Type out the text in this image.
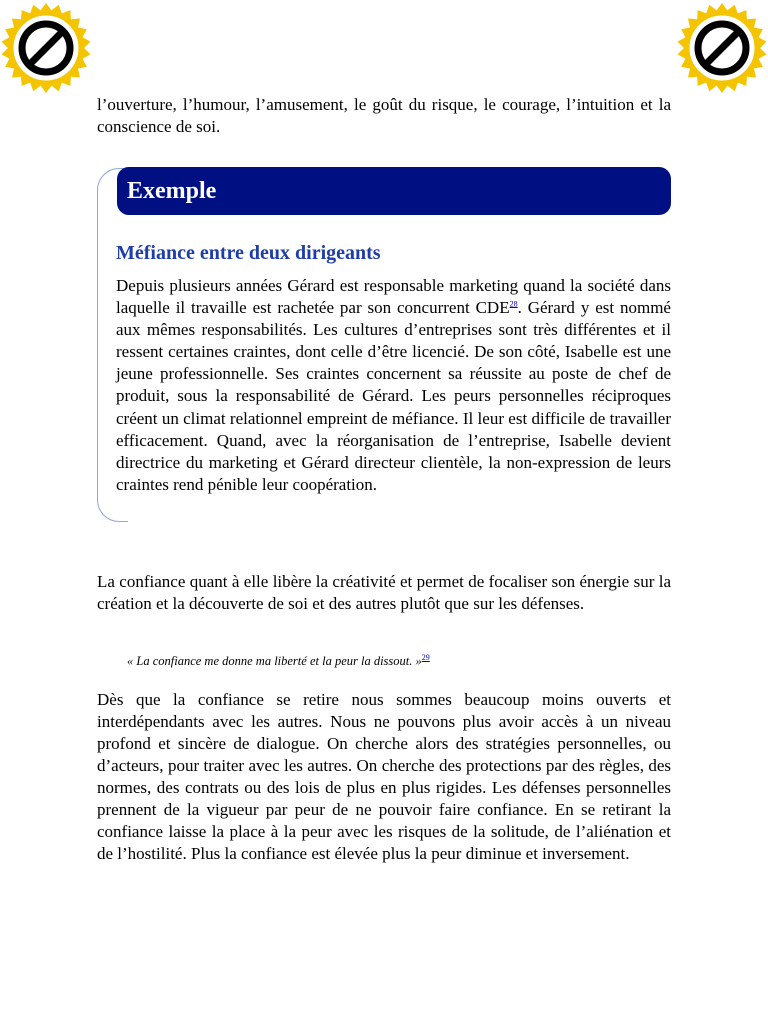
l’ouverture, l’humour, l’amusement, le goût du risque, le courage, l’intuition et la conscience de soi.

Exemple
Méfiance entre deux dirigeants

Depuis plusieurs années Gérard est responsable marketing quand la société dans laquelle il travaille est rachetée par son concurrent CDE$^{28}$. Gérard y est nommé aux mêmes responsabilités. Les cultures d’entreprises sont très différentes et il ressent certaines craintes, dont celle d’être licencié. De son côté, Isabelle est une jeune professionnelle. Ses craintes concernent sa réussite au poste de chef de produit, sous la responsabilité de Gérard. Les peurs personnelles réciproques créent un climat relationnel empreint de méfiance. Il leur est difficile de travailler efficacement. Quand, avec la réorganisation de l’entreprise, Isabelle devient directrice du marketing et Gérard directeur clientèle, la non-expression de leurs craintes rend pénible leur coopération.

La confiance quant à elle libère la créativité et permet de focaliser son énergie sur la création et la découverte de soi et des autres plutôt que sur les défenses.

« La confiance me donne ma liberté et la peur la dissout. »$^{29}$

Dès que la confiance se retire nous sommes beaucoup moins ouverts et interdépendants avec les autres. Nous ne pouvons plus avoir accès à un niveau profond et sincère de dialogue. On cherche alors des stratégies personnelles, ou d’acteurs, pour traiter avec les autres. On cherche des protections par des règles, des normes, des contrats ou des lois de plus en plus rigides. Les défenses personnelles prennent de la vigueur par peur de ne pouvoir faire confiance. En se retirant la confiance laisse la place à la peur avec les risques de la solitude, de l’aliénation et de l’hostilité. Plus la confiance est élevée plus la peur diminue et inversement.
